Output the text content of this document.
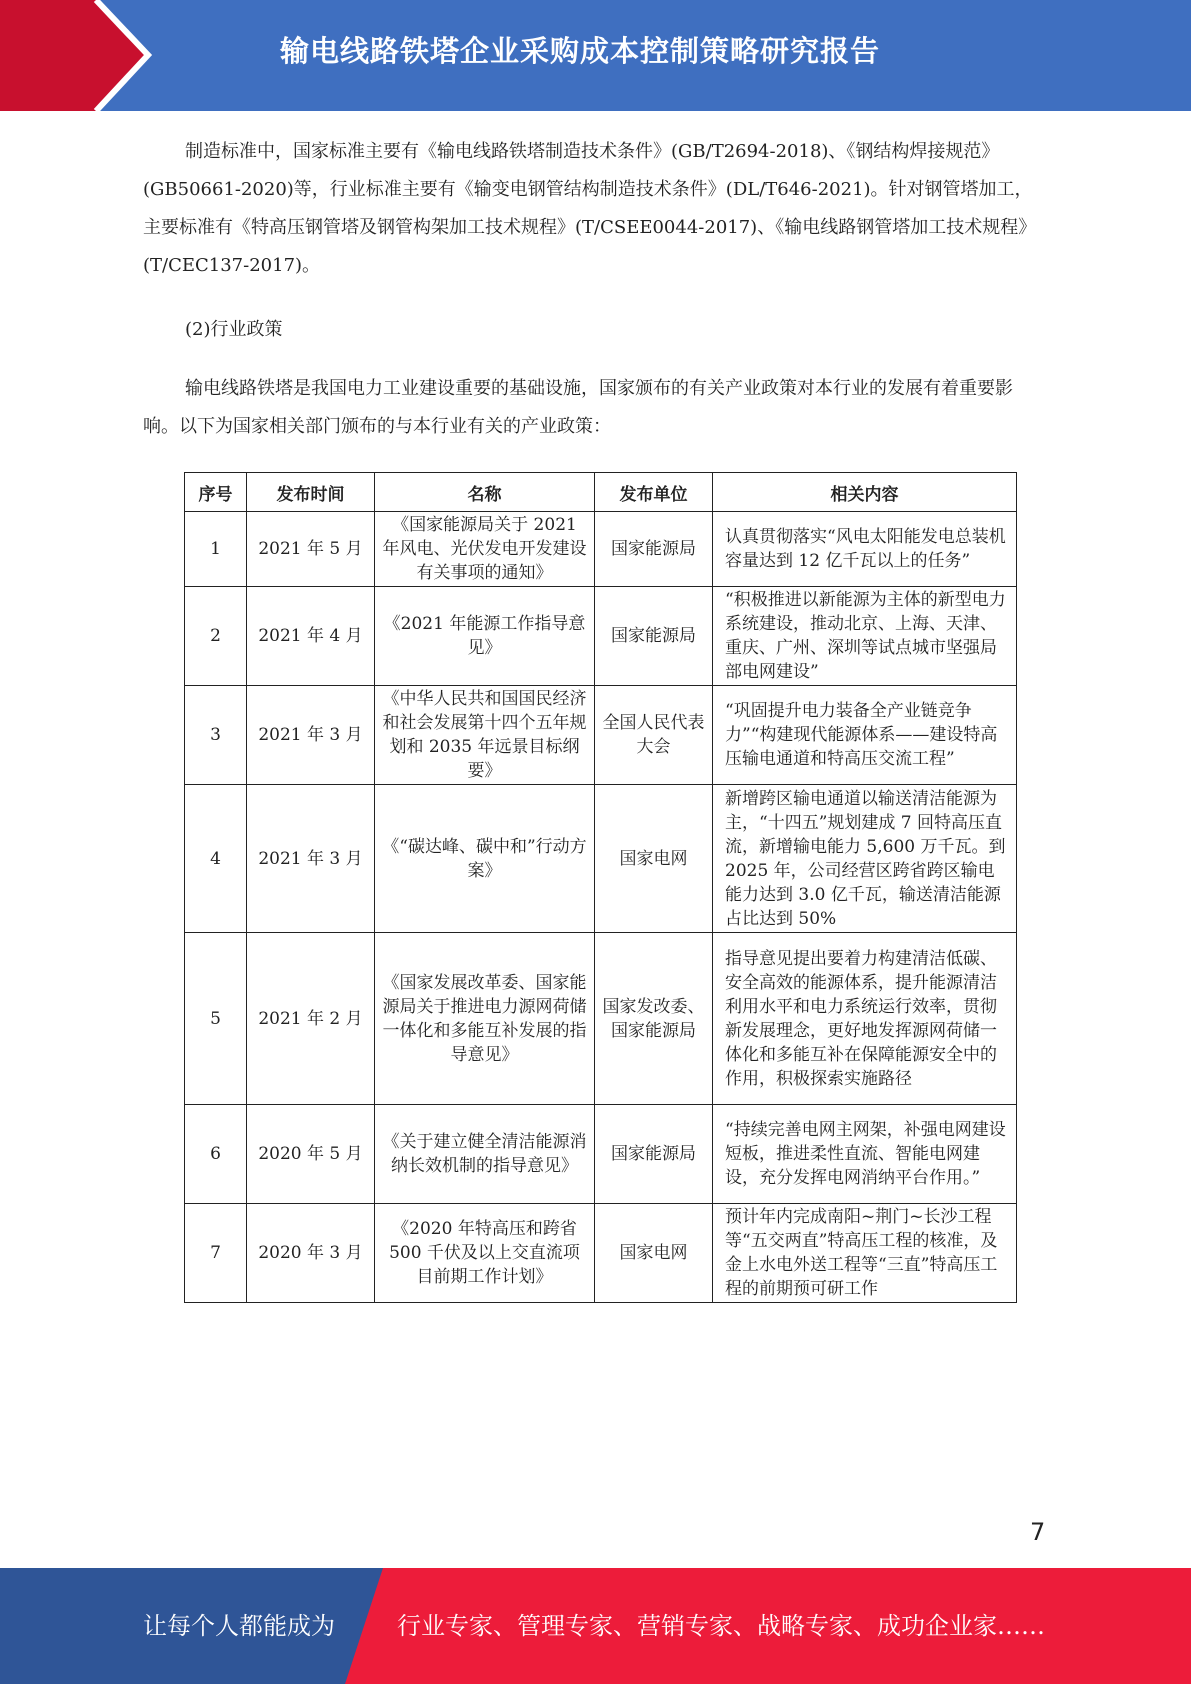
输电线路铁塔企业采购成本控制策略研究报告

制造标准中，国家标准主要有《输电线路铁塔制造技术条件》(GB/T2694-2018)、《钢结构焊接规范》(GB50661-2020)等，行业标准主要有《输变电钢管结构制造技术条件》(DL/T646-2021)。针对钢管塔加工，主要标准有《特高压钢管塔及钢管构架加工技术规程》(T/CSEE0044-2017)、《输电线路钢管塔加工技术规程》(T/CEC137-2017)。

(2)行业政策

输电线路铁塔是我国电力工业建设重要的基础设施，国家颁布的有关产业政策对本行业的发展有着重要影响。以下为国家相关部门颁布的与本行业有关的产业政策：

序号	发布时间	名称	发布单位	相关内容
1	2021 年 5 月	《国家能源局关于 2021 年风电、光伏发电开发建设有关事项的通知》	国家能源局	认真贯彻落实“风电太阳能发电总装机容量达到 12 亿千瓦以上的任务”
2	2021 年 4 月	《2021 年能源工作指导意见》	国家能源局	“积极推进以新能源为主体的新型电力系统建设，推动北京、上海、天津、重庆、广州、深圳等试点城市坚强局部电网建设”
3	2021 年 3 月	《中华人民共和国国民经济和社会发展第十四个五年规划和 2035 年远景目标纲要》	全国人民代表大会	“巩固提升电力装备全产业链竞争力”“构建现代能源体系——建设特高压输电通道和特高压交流工程”
4	2021 年 3 月	《“碳达峰、碳中和”行动方案》	国家电网	新增跨区输电通道以输送清洁能源为主，“十四五”规划建成 7 回特高压直流，新增输电能力 5,600 万千瓦。到 2025 年，公司经营区跨省跨区输电能力达到 3.0 亿千瓦，输送清洁能源占比达到 50%
5	2021 年 2 月	《国家发展改革委、国家能源局关于推进电力源网荷储一体化和多能互补发展的指导意见》	国家发改委、国家能源局	指导意见提出要着力构建清洁低碳、安全高效的能源体系，提升能源清洁利用水平和电力系统运行效率，贯彻新发展理念，更好地发挥源网荷储一体化和多能互补在保障能源安全中的作用，积极探索实施路径
6	2020 年 5 月	《关于建立健全清洁能源消纳长效机制的指导意见》	国家能源局	“持续完善电网主网架，补强电网建设短板，推进柔性直流、智能电网建设，充分发挥电网消纳平台作用。”
7	2020 年 3 月	《2020 年特高压和跨省 500 千伏及以上交直流项目前期工作计划》	国家电网	预计年内完成南阳~荆门~长沙工程等“五交两直”特高压工程的核准，及金上水电外送工程等“三直”特高压工程的前期预可研工作
7
让每个人都能成为	行业专家、管理专家、营销专家、战略专家、成功企业家……
